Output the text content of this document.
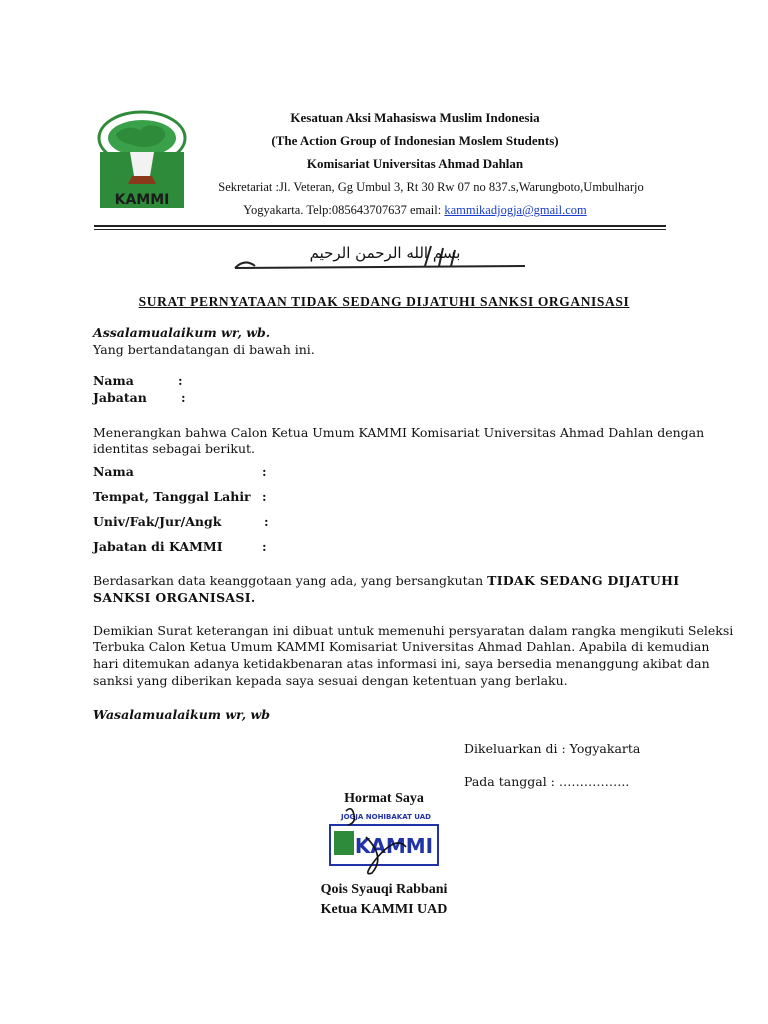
KAMMI
Kesatuan Aksi Mahasiswa Muslim Indonesia
(The Action Group of Indonesian Moslem Students)
Komisariat Universitas Ahmad Dahlan
Sekretariat :Jl. Veteran, Gg Umbul 3, Rt 30 Rw 07 no 837.s,Warungboto,Umbulharjo
Yogyakarta. Telp:085643707637 email: kammikadjogja@gmail.com
بسم الله الرحمن الرحيم
SURAT PERNYATAAN TIDAK SEDANG DIJATUHI SANKSI ORGANISASI
Assalamualaikum wr, wb.
Yang bertandatangan di bawah ini.
Nama	:
Jabatan	:
Menerangkan bahwa Calon Ketua Umum KAMMI Komisariat Universitas Ahmad Dahlan dengan
identitas sebagai berikut.
Nama	:
Tempat, Tanggal Lahir :
Univ/Fak/Jur/Angk	:
Jabatan di KAMMI	:
Berdasarkan data keanggotaan yang ada, yang bersangkutan TIDAK SEDANG DIJATUHI
SANKSI ORGANISASI.
Demikian Surat keterangan ini dibuat untuk memenuhi persyaratan dalam rangka mengikuti Seleksi
Terbuka Calon Ketua Umum KAMMI Komisariat Universitas Ahmad Dahlan. Apabila di kemudian
hari ditemukan adanya ketidakbenaran atas informasi ini, saya bersedia menanggung akibat dan
sanksi yang diberikan kepada saya sesuai dengan ketentuan yang berlaku.
Wasalamualaikum wr, wb
Dikeluarkan di : Yogyakarta
Pada tanggal : ……………..
Hormat Saya
JOGJA NOHIBAKAT UAD
KAMMI
Qois Syauqi Rabbani
Ketua KAMMI UAD
